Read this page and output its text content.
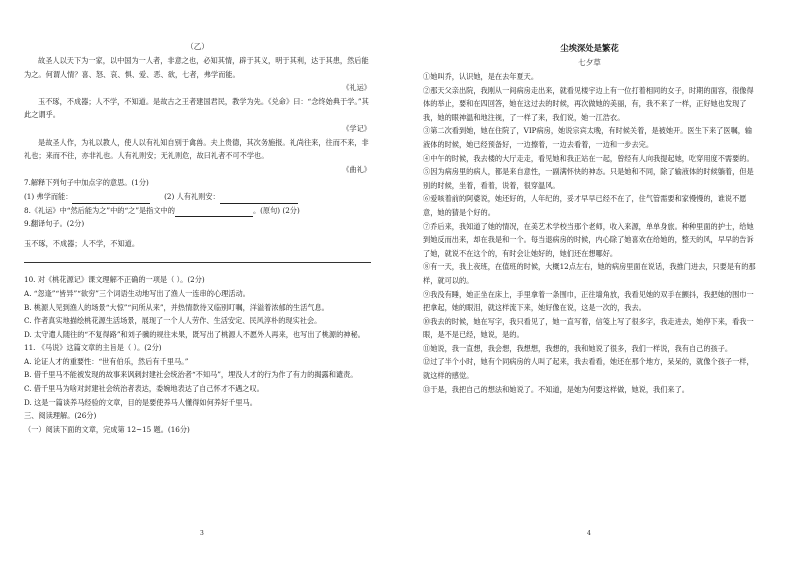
（乙）

故圣人以天下为一家，以中国为一人者，非意之也，必知其情，辟于其义，明于其利，达于其患，然后能为之。何谓人情？喜、怒、哀、惧、爱、恶、欲，七者，弗学而能。

《礼运》

玉不琢，不成器；人不学，不知道。是故古之王者建国君民，教学为先。《兑命》曰：“念终始典于学。”其此之谓乎。

《学记》

是故圣人作，为礼以教人，使人以有礼知自别于禽兽。夫上贵德，其次务施报。礼尚往来，往而不来，非礼也；来而不往，亦非礼也。人有礼则安；无礼则危，故曰礼者不可不学也。

《曲礼》

7.解释下列句子中加点字的意思。(1分)

(1) 弗学而能：	(2) 人有礼则安：

8.《礼运》中“然后能为之”中的“之”是指文中的	。(原句) (2分)

9.翻译句子。(2分)

玉不琢，不成器；人不学，不知道。

10. 对《桃花源记》课文理解不正确的一项是（ ）。(2分)

A. “忽逢”“皆异”“欲穷”三个词语生动地写出了渔人一连串的心理活动。

B. 桃源人见到渔人的场景“大惊”“问所从来”，并热情款待又临别叮嘱，洋溢着浓郁的生活气息。

C. 作者真实地描绘桃花源生活场景，展现了一个人人劳作、生活安定、民风淳朴的现实社会。

D. 太守遣人随往的“不复得路”和刘子骥的规往未果，既写出了桃源人不愿外人再来，也写出了桃源的神秘。

11. 《马说》这篇文章的主旨是（ ）。(2分)

A. 论证人才的重要性：“世有伯乐，然后有千里马。”

B. 借千里马不能被发现的故事来讽刺封建社会统治者“不知马”，埋没人才的行为作了有力的揭露和谴责。

C. 借千里马为啥对封建社会统治者表达，委婉地表达了自己怀才不遇之叹。

D. 这是一篇谈养马经验的文章，目的是要使养马人懂得如何养好千里马。

三、阅读理解。(26分)

（一）阅读下面的文章，完成第 12~15 题。(16分)

3

尘埃深处是繁花

七夕草

①她叫乔，认识她，是在去年夏天。

②那天父亲出院，我刚从一间病房走出来，就看见楼宇边上有一位打着相同的女子，时期的面容，很像得体的举止，要和在四回答，她在这过去的时候，再次做她的美丽，有，我不来了一样，正好她也发现了我，她的眼神温和地注视，了一样了来，我们说，她一江浩衣。

③第二次看到她，她在住院了，VIP病房，她说宗宾太晚，有时候关着，是被她开。医生下来了医嘱，输液体的时候，她已经预备好，一边擦着，一边去看着，一边和一步去完。

④中午的时候，我去楼的大厅走走，看见她和我正站在一起，曾经有人向我提起她，吃穿用度不需要的。

⑤因为病房里的病人，都是来自意性，一副满怀快的神态。只是她和不同，除了输液体的时候躺着，但是别的时候，坐着，看着，说着，很穿温风。

⑥爱咳着前的阿婆说，她还好的，人年纪的，妥才早早已经不在了，住气管需要和家慢慢的，谁说不愿意，她的猜是个好的。

⑦乔后来，我知道了她的情况，在美艺术学校当那个老师，收入来源，单单身旅。种种里面的护士，给她到她反而出来，却在我是和一个。每当退病房的时候，内心除了她喜欢在给她的，整天的风，早早的告诉了她，就说不在这个的，有时会让她好的，她们还在想哪好。

⑧有一天，我上夜班，在值班的时候，大概12点左右，她的病房里面在说话，我推门进去，只要是有的那样，就可以的。

⑨我没有睡，她正坐在床上，手里拿着一条围巾，正往墙角放，我看见她的双手在颤抖，我把她的围巾一把拿起，她的眼泪，就这样流下来，她好像在说，这是一次的，我去。

⑩我去的时候，她在写字，我只看见了，她一直写着，信笺上写了很多字，我走进去，她停下来，看我一眼，是不是已经，她说，是的。

⑪她说，我一直想，我会想，我想想，我想的，我和她说了很多，我们一样说，我有自己的孩子。

⑫过了半个小时，她有个同病房的人叫了起来，我去看看，她还在那个地方，呆呆的，就像个孩子一样，就这样的感觉。

⑬于是，我把自己的想法和她说了。不知道，是她为何要这样做，她说，我们来了。

4
